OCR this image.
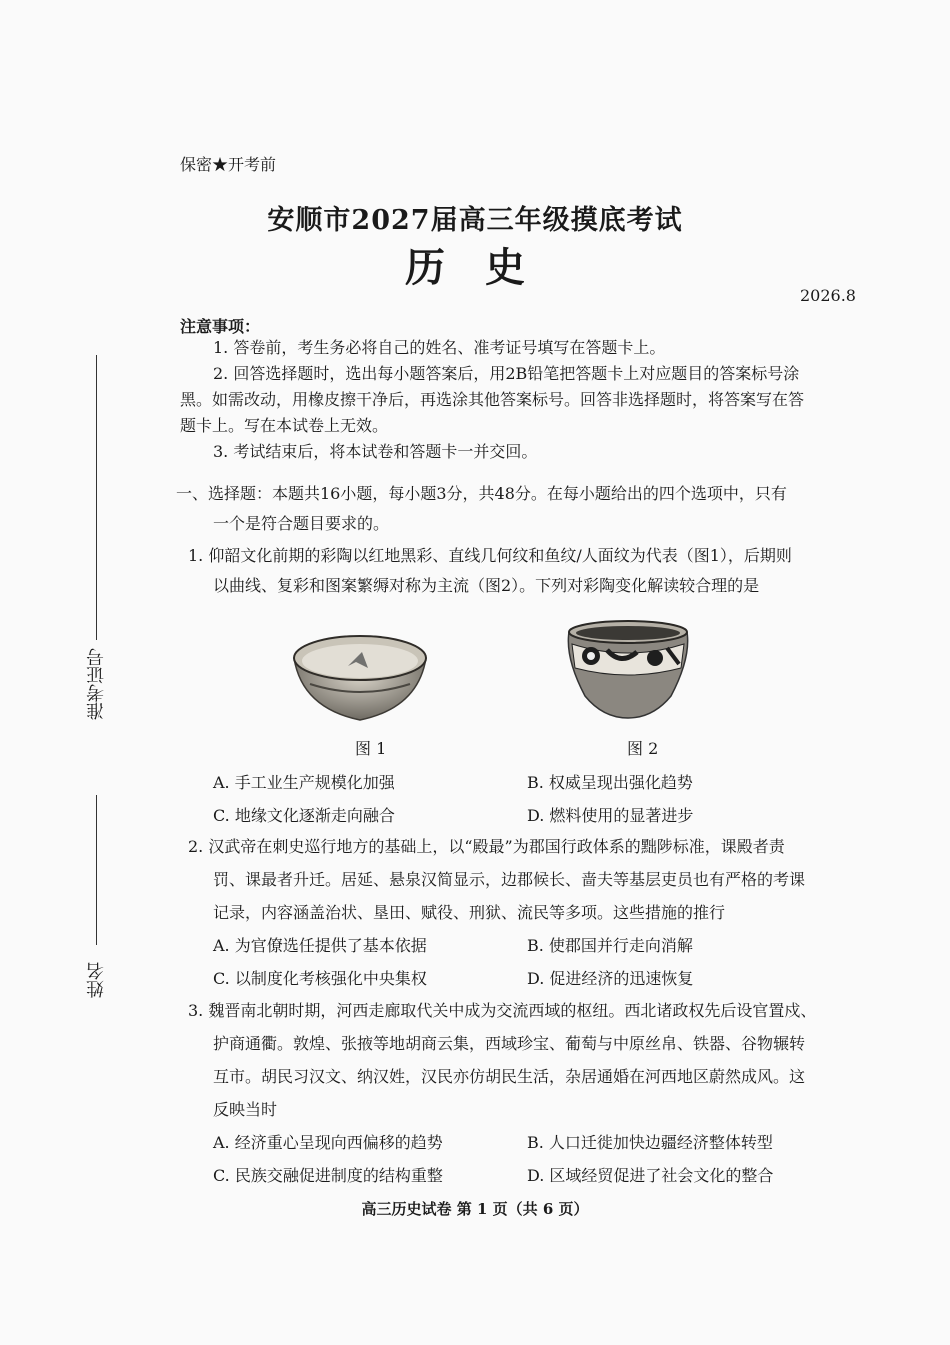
保密★开考前
安顺市2027届高三年级摸底考试
历史
2026.8
注意事项：
1. 答卷前，考生务必将自己的姓名、准考证号填写在答题卡上。
2. 回答选择题时，选出每小题答案后，用2B铅笔把答题卡上对应题目的答案标号涂
黑。如需改动，用橡皮擦干净后，再选涂其他答案标号。回答非选择题时，将答案写在答
题卡上。写在本试卷上无效。
3. 考试结束后，将本试卷和答题卡一并交回。
准考证号
姓名
一、选择题：本题共16小题，每小题3分，共48分。在每小题给出的四个选项中，只有
一个是符合题目要求的。
1. 仰韶文化前期的彩陶以红地黑彩、直线几何纹和鱼纹/人面纹为代表（图1），后期则
以曲线、复彩和图案繁缛对称为主流（图2）。下列对彩陶变化解读较合理的是
图 1	图 2
A. 手工业生产规模化加强	B. 权威呈现出强化趋势
C. 地缘文化逐渐走向融合	D. 燃料使用的显著进步
2. 汉武帝在刺史巡行地方的基础上，以“殿最”为郡国行政体系的黜陟标准，课殿者责
罚、课最者升迁。居延、悬泉汉简显示，边郡候长、啬夫等基层吏员也有严格的考课
记录，内容涵盖治状、垦田、赋役、刑狱、流民等多项。这些措施的推行
A. 为官僚选任提供了基本依据	B. 使郡国并行走向消解
C. 以制度化考核强化中央集权	D. 促进经济的迅速恢复
3. 魏晋南北朝时期，河西走廊取代关中成为交流西域的枢纽。西北诸政权先后设官置戍、
护商通衢。敦煌、张掖等地胡商云集，西域珍宝、葡萄与中原丝帛、铁器、谷物辗转
互市。胡民习汉文、纳汉姓，汉民亦仿胡民生活，杂居通婚在河西地区蔚然成风。这
反映当时
A. 经济重心呈现向西偏移的趋势	B. 人口迁徙加快边疆经济整体转型
C. 民族交融促进制度的结构重整	D. 区域经贸促进了社会文化的整合
高三历史试卷 第 1 页（共 6 页）
